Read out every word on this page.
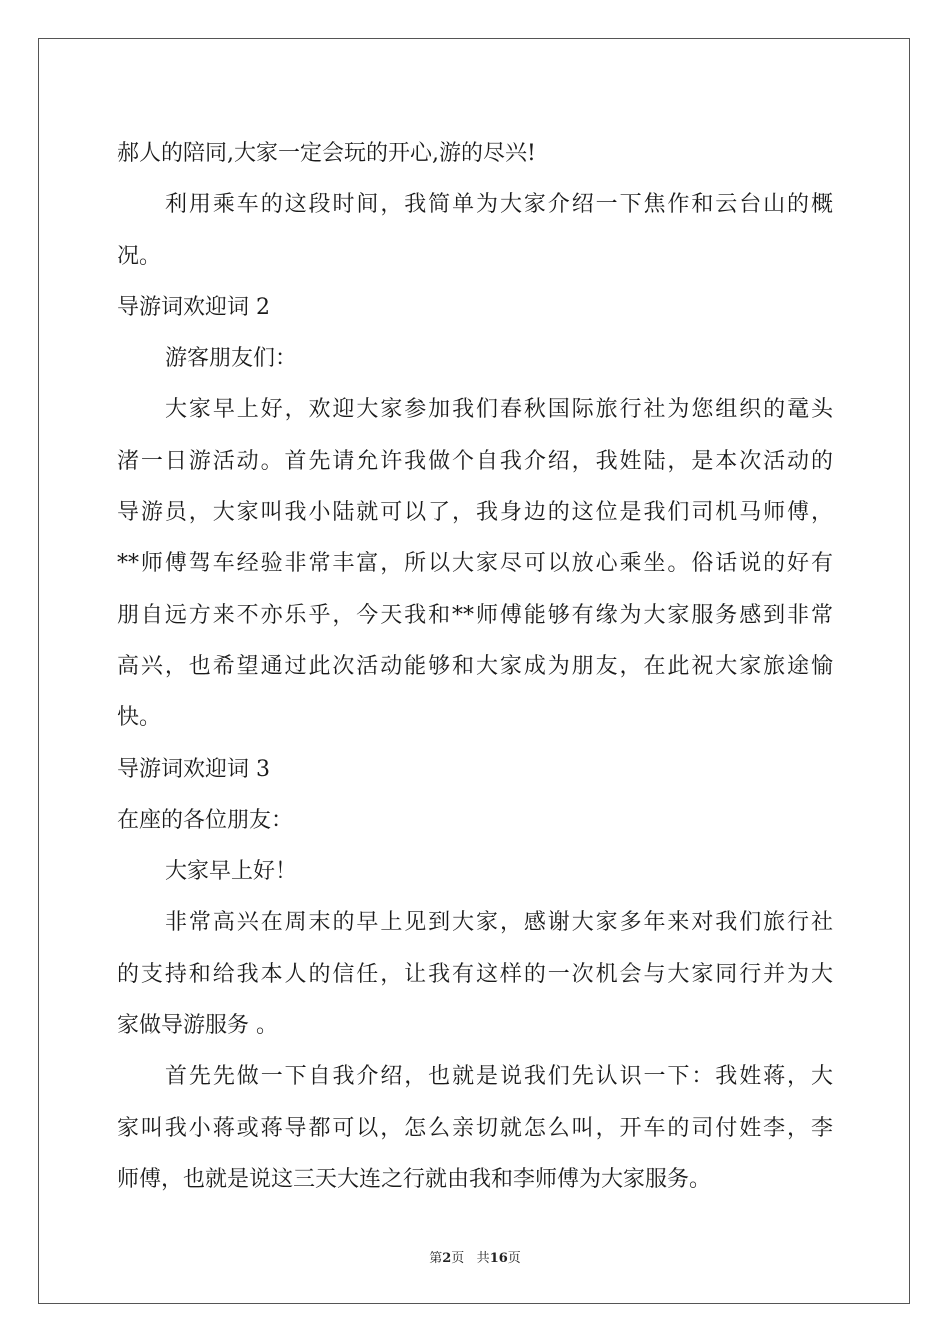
郝人的陪同,大家一定会玩的开心,游的尽兴!
利用乘车的这段时间，我简单为大家介绍一下焦作和云台山的概
况。
导游词欢迎词 2
游客朋友们：
大家早上好，欢迎大家参加我们春秋国际旅行社为您组织的鼋头
渚一日游活动。首先请允许我做个自我介绍，我姓陆，是本次活动的
导游员，大家叫我小陆就可以了，我身边的这位是我们司机马师傅，
**师傅驾车经验非常丰富，所以大家尽可以放心乘坐。俗话说的好有
朋自远方来不亦乐乎，今天我和**师傅能够有缘为大家服务感到非常
高兴，也希望通过此次活动能够和大家成为朋友，在此祝大家旅途愉
快。
导游词欢迎词 3
在座的各位朋友：
大家早上好！
非常高兴在周末的早上见到大家，感谢大家多年来对我们旅行社
的支持和给我本人的信任，让我有这样的一次机会与大家同行并为大
家做导游服务 。
首先先做一下自我介绍，也就是说我们先认识一下：我姓蒋，大
家叫我小蒋或蒋导都可以，怎么亲切就怎么叫，开车的司付姓李，李
师傅，也就是说这三天大连之行就由我和李师傅为大家服务。
第2页 共16页
